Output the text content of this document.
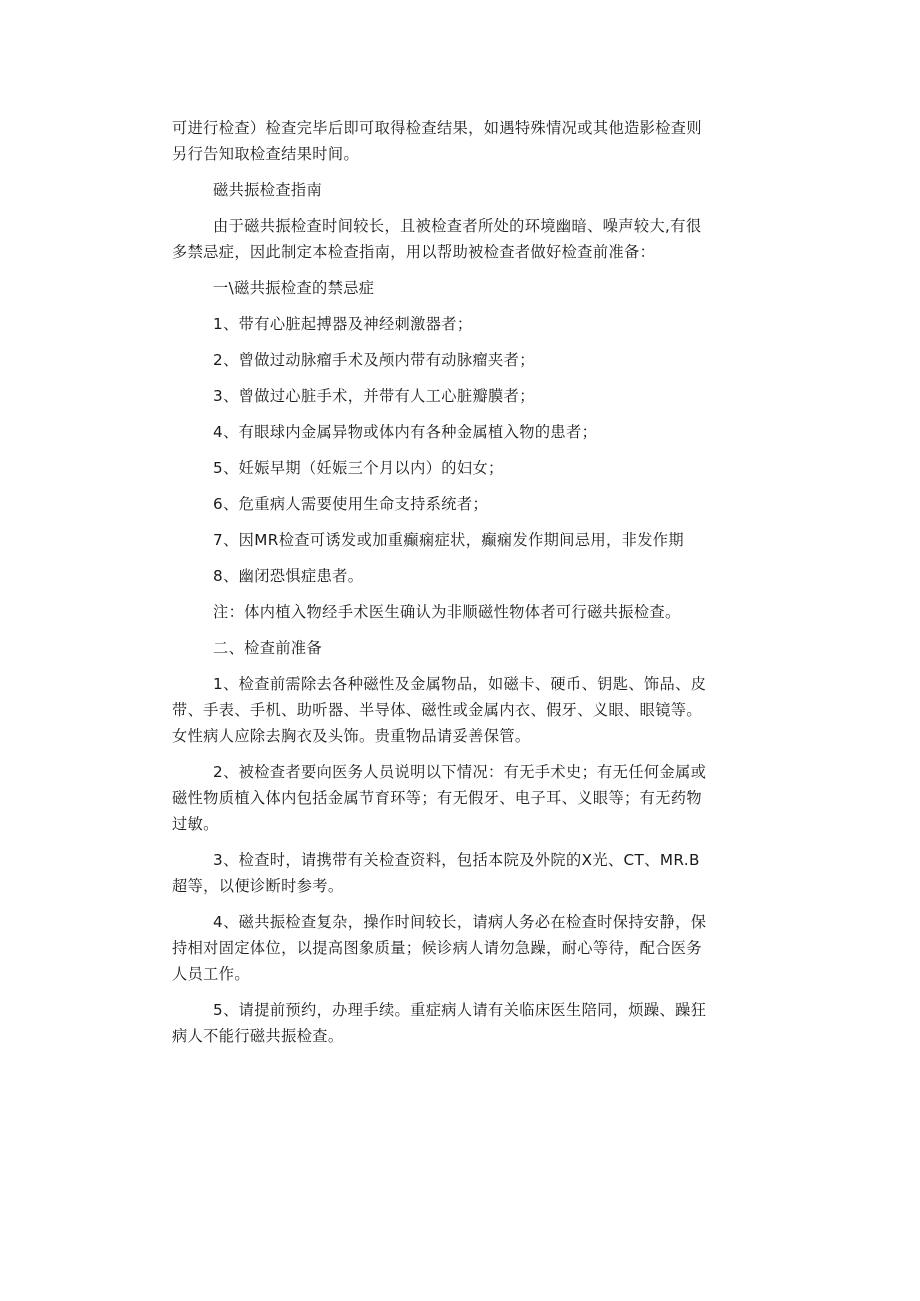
可进行检查）检查完毕后即可取得检查结果，如遇特殊情况或其他造影检查则

另行告知取检查结果时间。

磁共振检查指南

由于磁共振检查时间较长，且被检查者所处的环境幽暗、噪声较大,有很

多禁忌症，因此制定本检查指南，用以帮助被检查者做好检查前准备：

一\磁共振检查的禁忌症

1、带有心脏起搏器及神经刺激器者；

2、曾做过动脉瘤手术及颅内带有动脉瘤夹者；

3、曾做过心脏手术，并带有人工心脏瓣膜者；

4、有眼球内金属异物或体内有各种金属植入物的患者；

5、妊娠早期（妊娠三个月以内）的妇女；

6、危重病人需要使用生命支持系统者；

7、因MR检查可诱发或加重癫痫症状，癫痫发作期间忌用，非发作期

8、幽闭恐惧症患者。

注：体内植入物经手术医生确认为非顺磁性物体者可行磁共振检查。

二、检查前准备

1、检查前需除去各种磁性及金属物品，如磁卡、硬币、钥匙、饰品、皮

带、手表、手机、助听器、半导体、磁性或金属内衣、假牙、义眼、眼镜等。

女性病人应除去胸衣及头饰。贵重物品请妥善保管。

2、被检查者要向医务人员说明以下情况：有无手术史；有无任何金属或

磁性物质植入体内包括金属节育环等；有无假牙、电子耳、义眼等；有无药物

过敏。

3、检查时，请携带有关检查资料，包括本院及外院的X光、CT、MR.B

超等，以便诊断时参考。

4、磁共振检查复杂，操作时间较长，请病人务必在检查时保持安静，保

持相对固定体位，以提高图象质量；候诊病人请勿急躁，耐心等待，配合医务

人员工作。

5、请提前预约，办理手续。重症病人请有关临床医生陪同，烦躁、躁狂

病人不能行磁共振检查。
